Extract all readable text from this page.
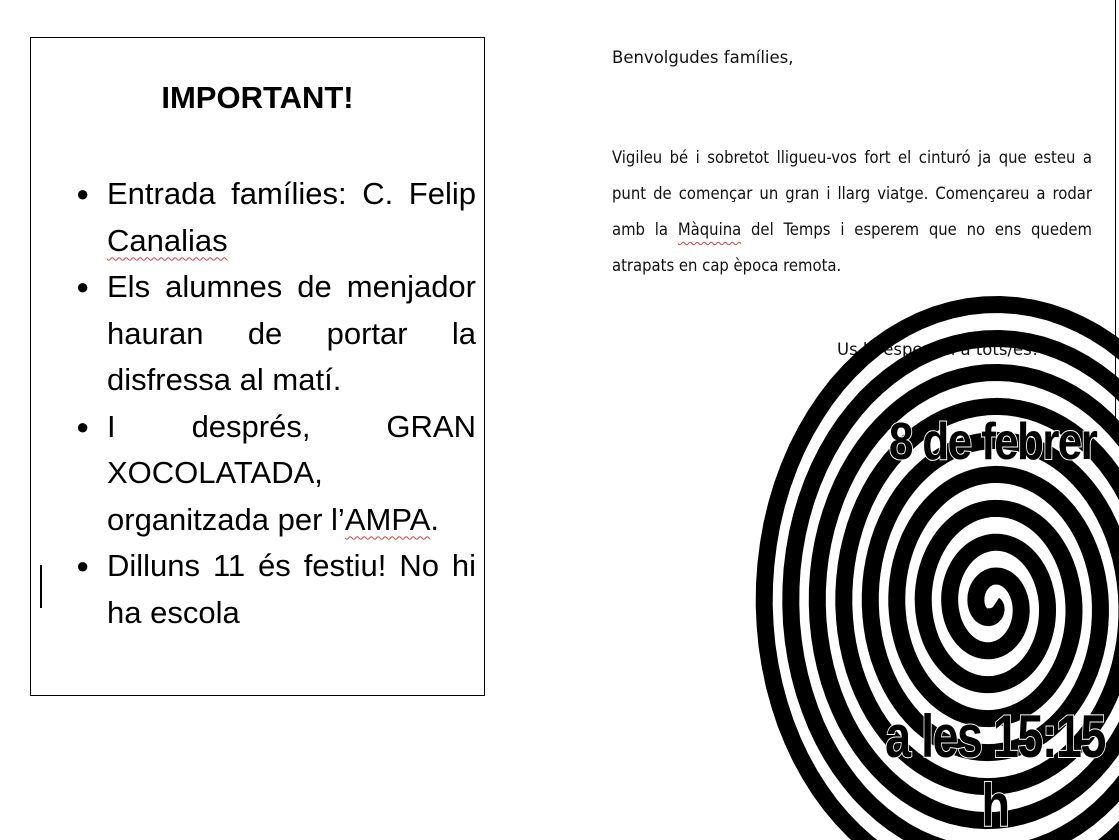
IMPORTANT!
● Entrada famílies: C. Felip Canalias
● Els alumnes de menjador hauran de portar la disfressa al matí.
● I després, GRAN XOCOLATADA, organitzada per l’AMPA.
● Dilluns 11 és festiu! No hi ha escola
Benvolgudes famílies,
Vigileu bé i sobretot lligueu-vos fort el cinturó ja que esteu a punt de començar un gran i llarg viatge. Començareu a rodar amb la Màquina del Temps i esperem que no ens quedem atrapats en cap època remota.
Us hi esperem a tots/es!
8 de febrer
a les 15:15 h
